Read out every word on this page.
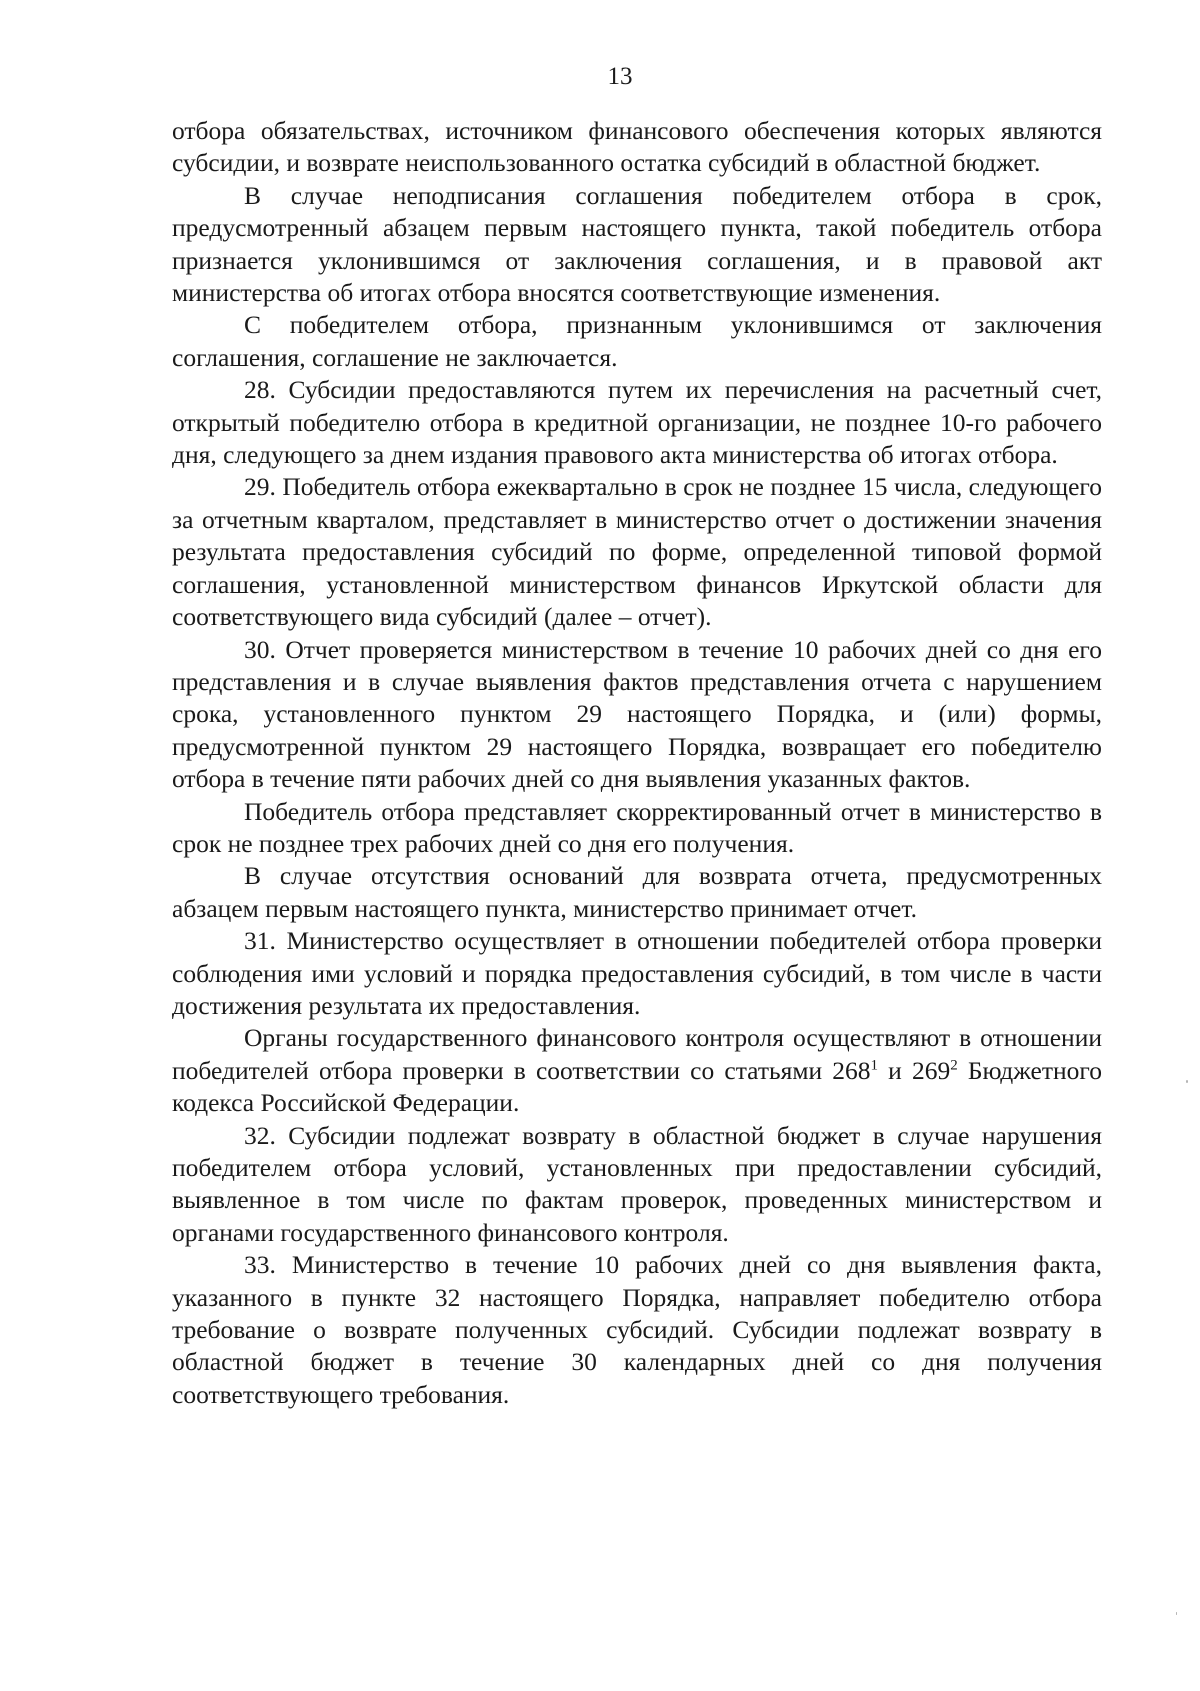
13

отбора обязательствах, источником финансового обеспечения которых являются субсидии, и возврате неиспользованного остатка субсидий в областной бюджет.

В случае неподписания соглашения победителем отбора в срок, предусмотренный абзацем первым настоящего пункта, такой победитель отбора признается уклонившимся от заключения соглашения, и в правовой акт министерства об итогах отбора вносятся соответствующие изменения.

С победителем отбора, признанным уклонившимся от заключения соглашения, соглашение не заключается.

28. Субсидии предоставляются путем их перечисления на расчетный счет, открытый победителю отбора в кредитной организации, не позднее 10-го рабочего дня, следующего за днем издания правового акта министерства об итогах отбора.

29. Победитель отбора ежеквартально в срок не позднее 15 числа, следующего за отчетным кварталом, представляет в министерство отчет о достижении значения результата предоставления субсидий по форме, определенной типовой формой соглашения, установленной министерством финансов Иркутской области для соответствующего вида субсидий (далее – отчет).

30. Отчет проверяется министерством в течение 10 рабочих дней со дня его представления и в случае выявления фактов представления отчета с нарушением срока, установленного пунктом 29 настоящего Порядка, и (или) формы, предусмотренной пунктом 29 настоящего Порядка, возвращает его победителю отбора в течение пяти рабочих дней со дня выявления указанных фактов.

Победитель отбора представляет скорректированный отчет в министерство в срок не позднее трех рабочих дней со дня его получения.

В случае отсутствия оснований для возврата отчета, предусмотренных абзацем первым настоящего пункта, министерство принимает отчет.

31. Министерство осуществляет в отношении победителей отбора проверки соблюдения ими условий и порядка предоставления субсидий, в том числе в части достижения результата их предоставления.

Органы государственного финансового контроля осуществляют в отношении победителей отбора проверки в соответствии со статьями $268^1$ и $269^2$ Бюджетного кодекса Российской Федерации.

32. Субсидии подлежат возврату в областной бюджет в случае нарушения победителем отбора условий, установленных при предоставлении субсидий, выявленное в том числе по фактам проверок, проведенных министерством и органами государственного финансового контроля.

33. Министерство в течение 10 рабочих дней со дня выявления факта, указанного в пункте 32 настоящего Порядка, направляет победителю отбора требование о возврате полученных субсидий. Субсидии подлежат возврату в областной бюджет в течение 30 календарных дней со дня получения соответствующего требования.
